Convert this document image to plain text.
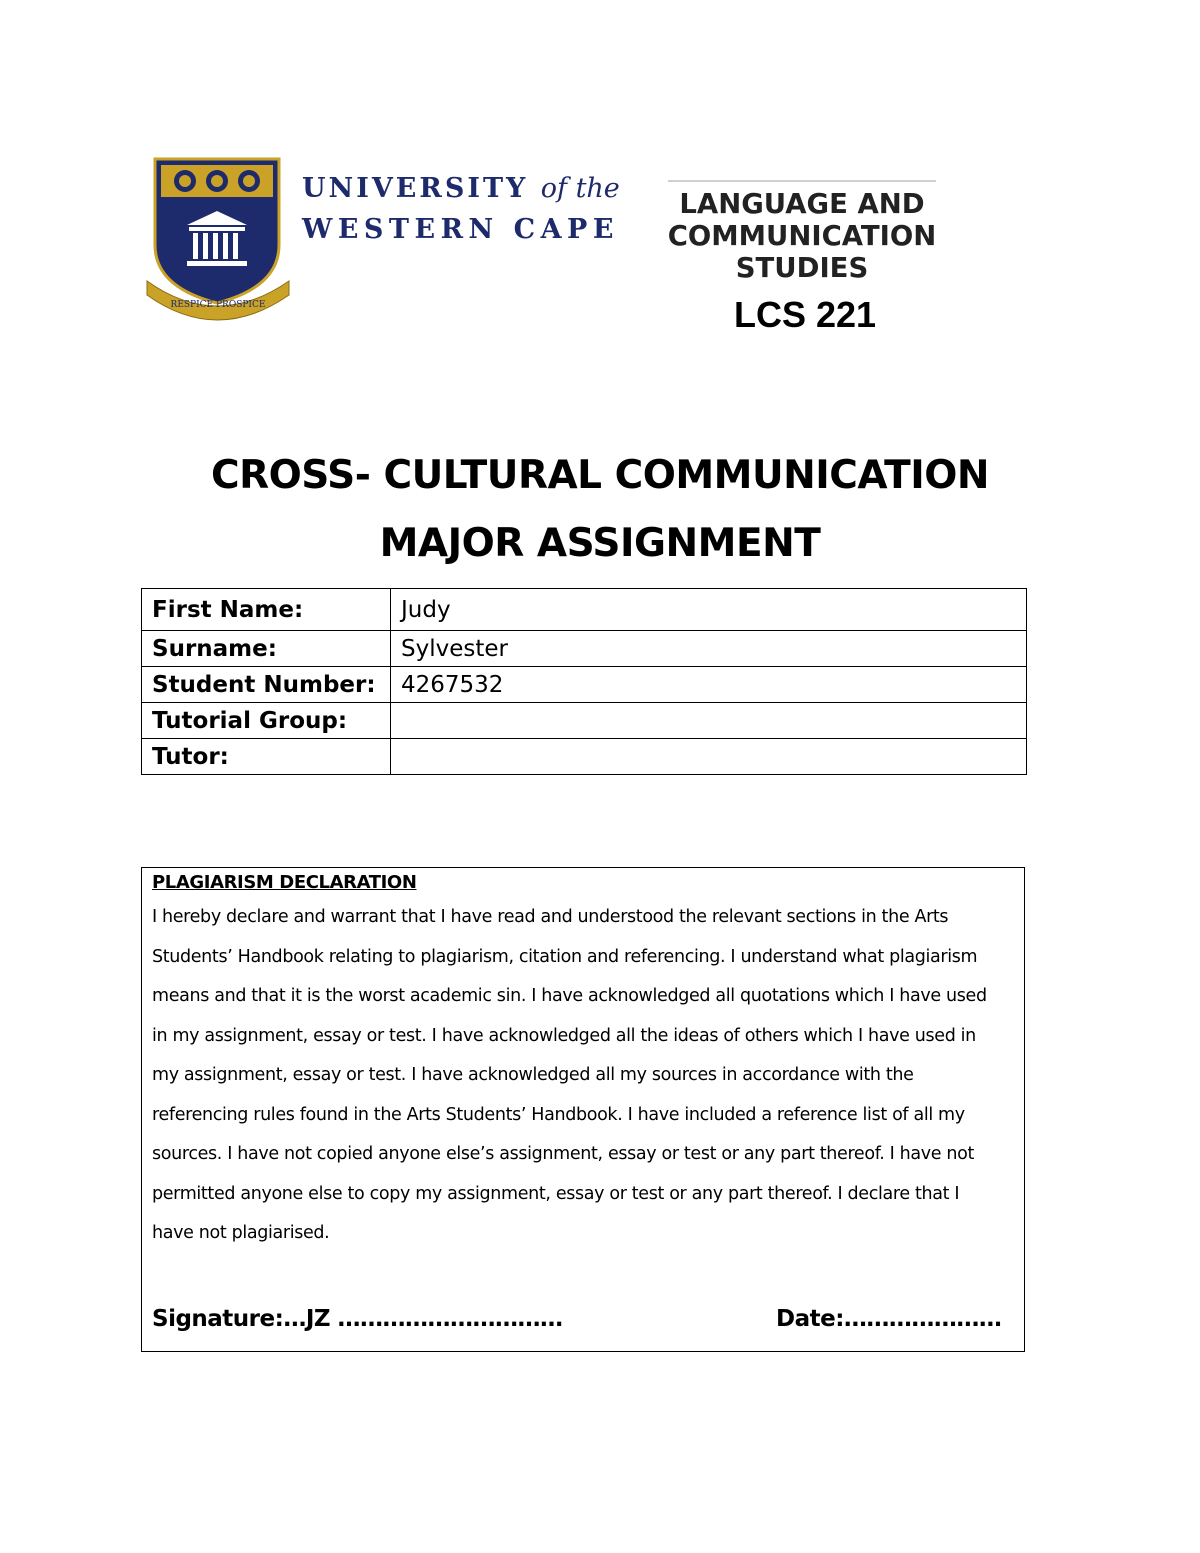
RESPICE PROSPICE
UNIVERSITY of the
WESTERN CAPE
LANGUAGE AND
COMMUNICATION
STUDIES
LCS 221
CROSS- CULTURAL COMMUNICATION
MAJOR ASSIGNMENT
First Name:	Judy
Surname:	Sylvester
Student Number:	4267532
Tutorial Group:	
Tutor:	
PLAGIARISM DECLARATION
I hereby declare and warrant that I have read and understood the relevant sections in the Arts
Students’ Handbook relating to plagiarism, citation and referencing. I understand what plagiarism
means and that it is the worst academic sin. I have acknowledged all quotations which I have used
in my assignment, essay or test. I have acknowledged all the ideas of others which I have used in
my assignment, essay or test. I have acknowledged all my sources in accordance with the
referencing rules found in the Arts Students’ Handbook. I have included a reference list of all my
sources. I have not copied anyone else’s assignment, essay or test or any part thereof. I have not
permitted anyone else to copy my assignment, essay or test or any part thereof. I declare that I
have not plagiarised.
Signature:…JZ …………………………	Date:…………………
